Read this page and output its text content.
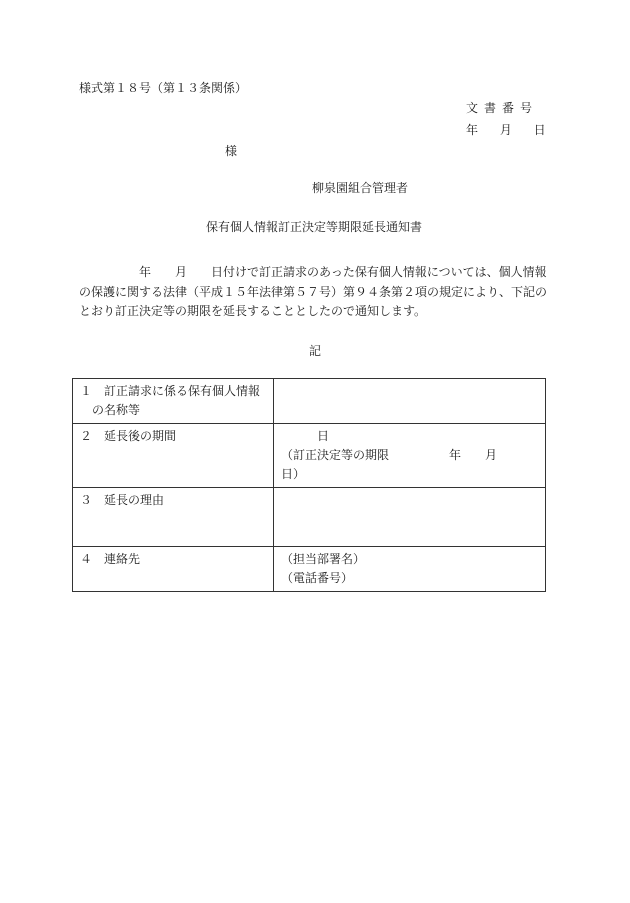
様式第１８号（第１３条関係）
文書番号
年 月 日
様
柳泉園組合管理者
保有個人情報訂正決定等期限延長通知書
　　　　　年　　月　　日付けで訂正請求のあった保有個人情報については、個人情報
の保護に関する法律（平成１５年法律第５７号）第９４条第２項の規定により、下記の
とおり訂正決定等の期限を延長することとしたので通知します。
記
１　訂正請求に係る保有個人情報
の名称等	

２　延長後の期間	　　　日
（訂正決定等の期限　　　　　年　　月　　日）

３　延長の理由	

４　連絡先	（担当部署名）
（電話番号）
